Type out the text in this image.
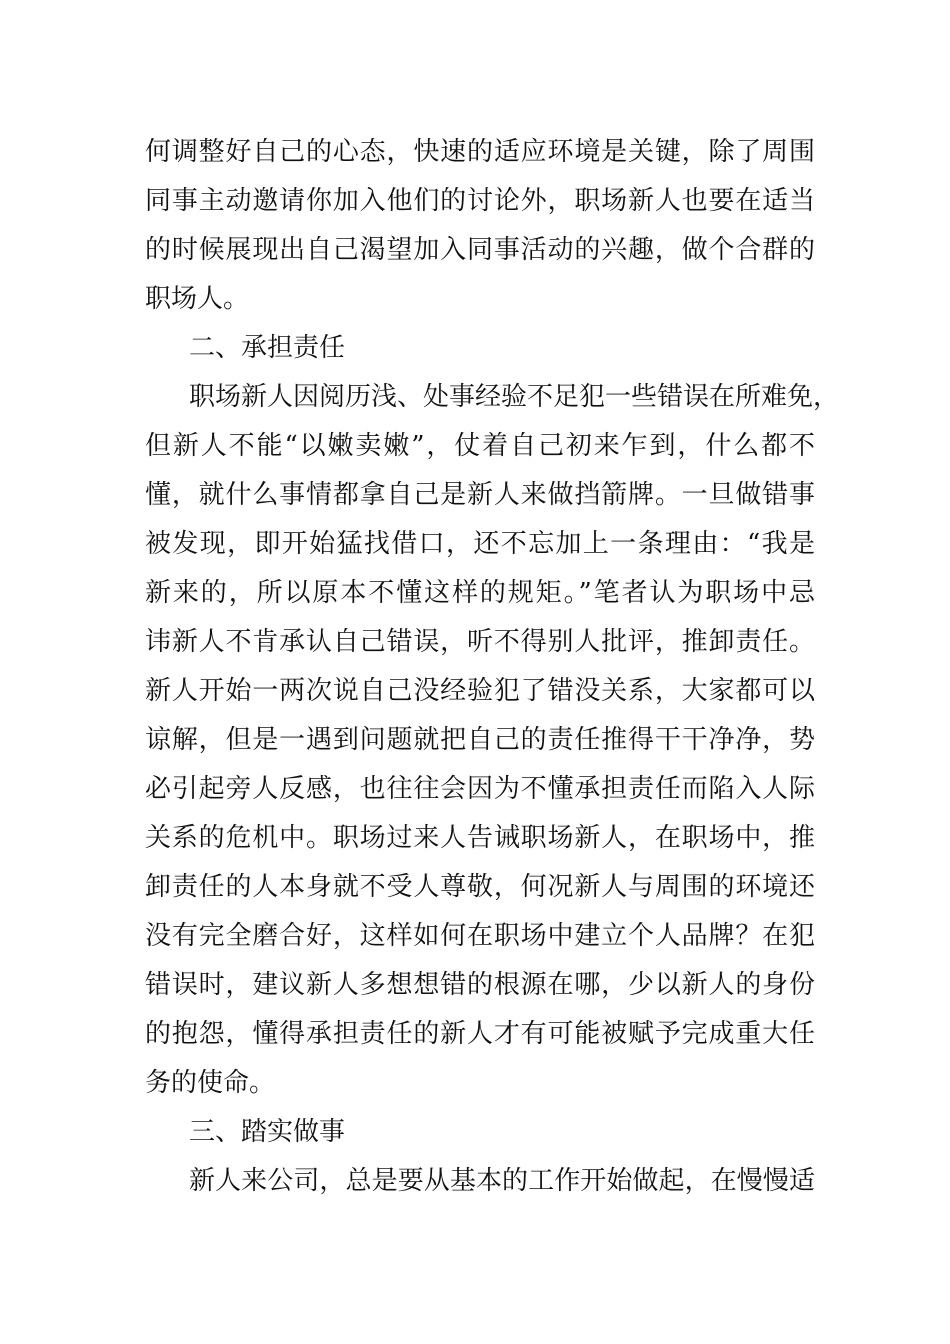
何调整好自己的心态，快速的适应环境是关键，除了周围
同事主动邀请你加入他们的讨论外，职场新人也要在适当
的时候展现出自己渴望加入同事活动的兴趣，做个合群的
职场人。
二、承担责任
职场新人因阅历浅、处事经验不足犯一些错误在所难免，
但新人不能“以嫩卖嫩”，仗着自己初来乍到，什么都不
懂，就什么事情都拿自己是新人来做挡箭牌。一旦做错事
被发现，即开始猛找借口，还不忘加上一条理由：“我是
新来的，所以原本不懂这样的规矩。”笔者认为职场中忌
讳新人不肯承认自己错误，听不得别人批评，推卸责任。
新人开始一两次说自己没经验犯了错没关系，大家都可以
谅解，但是一遇到问题就把自己的责任推得干干净净，势
必引起旁人反感，也往往会因为不懂承担责任而陷入人际
关系的危机中。职场过来人告诫职场新人，在职场中，推
卸责任的人本身就不受人尊敬，何况新人与周围的环境还
没有完全磨合好，这样如何在职场中建立个人品牌？在犯
错误时，建议新人多想想错的根源在哪，少以新人的身份
的抱怨，懂得承担责任的新人才有可能被赋予完成重大任
务的使命。
三、踏实做事
新人来公司，总是要从基本的工作开始做起，在慢慢适
